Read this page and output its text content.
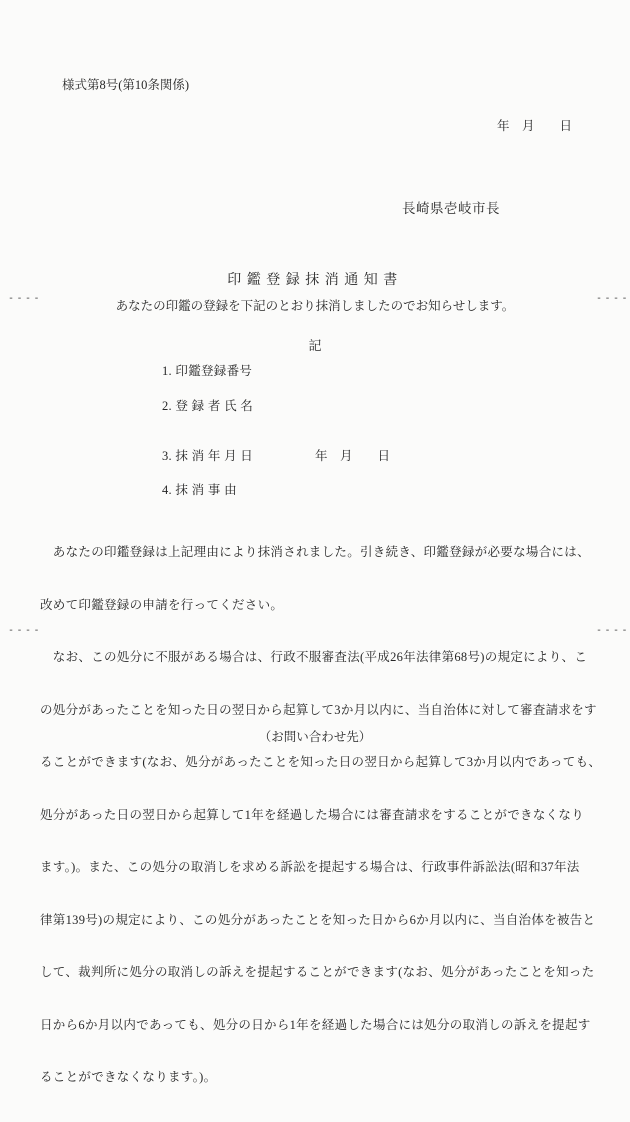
様式第8号(第10条関係)
年　月　　日
長崎県壱岐市長
印鑑登録抹消通知書
あなたの印鑑の登録を下記のとおり抹消しましたのでお知らせします。
記
1. 印鑑登録番号
2. 登 録 者 氏 名
3. 抹 消 年 月 日	年　月　　日
4. 抹 消 事 由

　あなたの印鑑登録は上記理由により抹消されました。引き続き、印鑑登録が必要な場合には、

改めて印鑑登録の申請を行ってください。

　なお、この処分に不服がある場合は、行政不服審査法(平成26年法律第68号)の規定により、こ

の処分があったことを知った日の翌日から起算して3か月以内に、当自治体に対して審査請求をす

ることができます(なお、処分があったことを知った日の翌日から起算して3か月以内であっても、

処分があった日の翌日から起算して1年を経過した場合には審査請求をすることができなくなり

ます。)。また、この処分の取消しを求める訴訟を提起する場合は、行政事件訴訟法(昭和37年法

律第139号)の規定により、この処分があったことを知った日から6か月以内に、当自治体を被告と

して、裁判所に処分の取消しの訴えを提起することができます(なお、処分があったことを知った

日から6か月以内であっても、処分の日から1年を経過した場合には処分の取消しの訴えを提起す

ることができなくなります。)。

（お問い合わせ先）
----	----
----	----
